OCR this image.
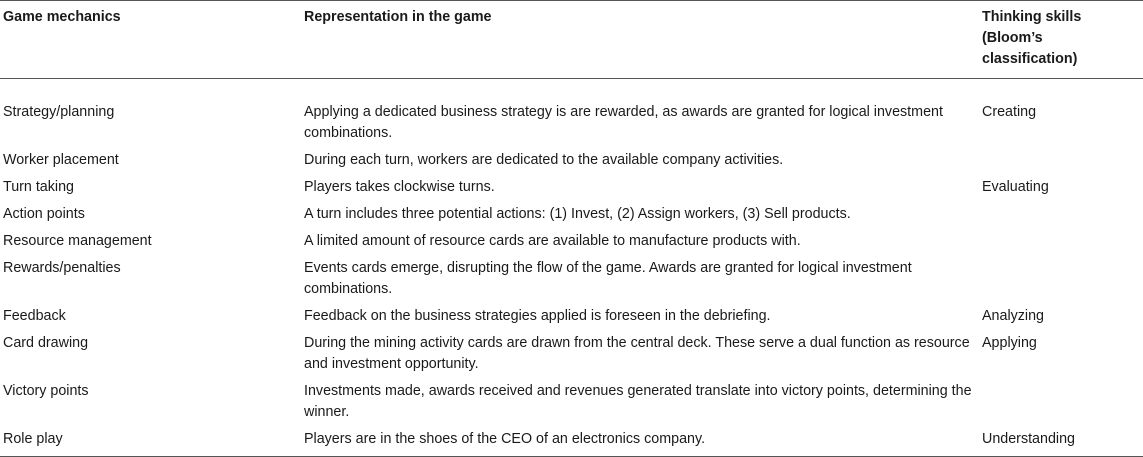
Game mechanics	Representation in the game	Thinking skills (Bloom’s classification)
Strategy/planning	Applying a dedicated business strategy is are rewarded, as awards are granted for logical investment combinations.	Creating
Worker placement	During each turn, workers are dedicated to the available company activities.	
Turn taking	Players takes clockwise turns.	Evaluating
Action points	A turn includes three potential actions: (1) Invest, (2) Assign workers, (3) Sell products.	
Resource management	A limited amount of resource cards are available to manufacture products with.	
Rewards/penalties	Events cards emerge, disrupting the flow of the game. Awards are granted for logical investment combinations.	
Feedback	Feedback on the business strategies applied is foreseen in the debriefing.	Analyzing
Card drawing	During the mining activity cards are drawn from the central deck. These serve a dual function as resource and investment opportunity.	Applying
Victory points	Investments made, awards received and revenues generated translate into victory points, determining the winner.	
Role play	Players are in the shoes of the CEO of an electronics company.	Understanding
